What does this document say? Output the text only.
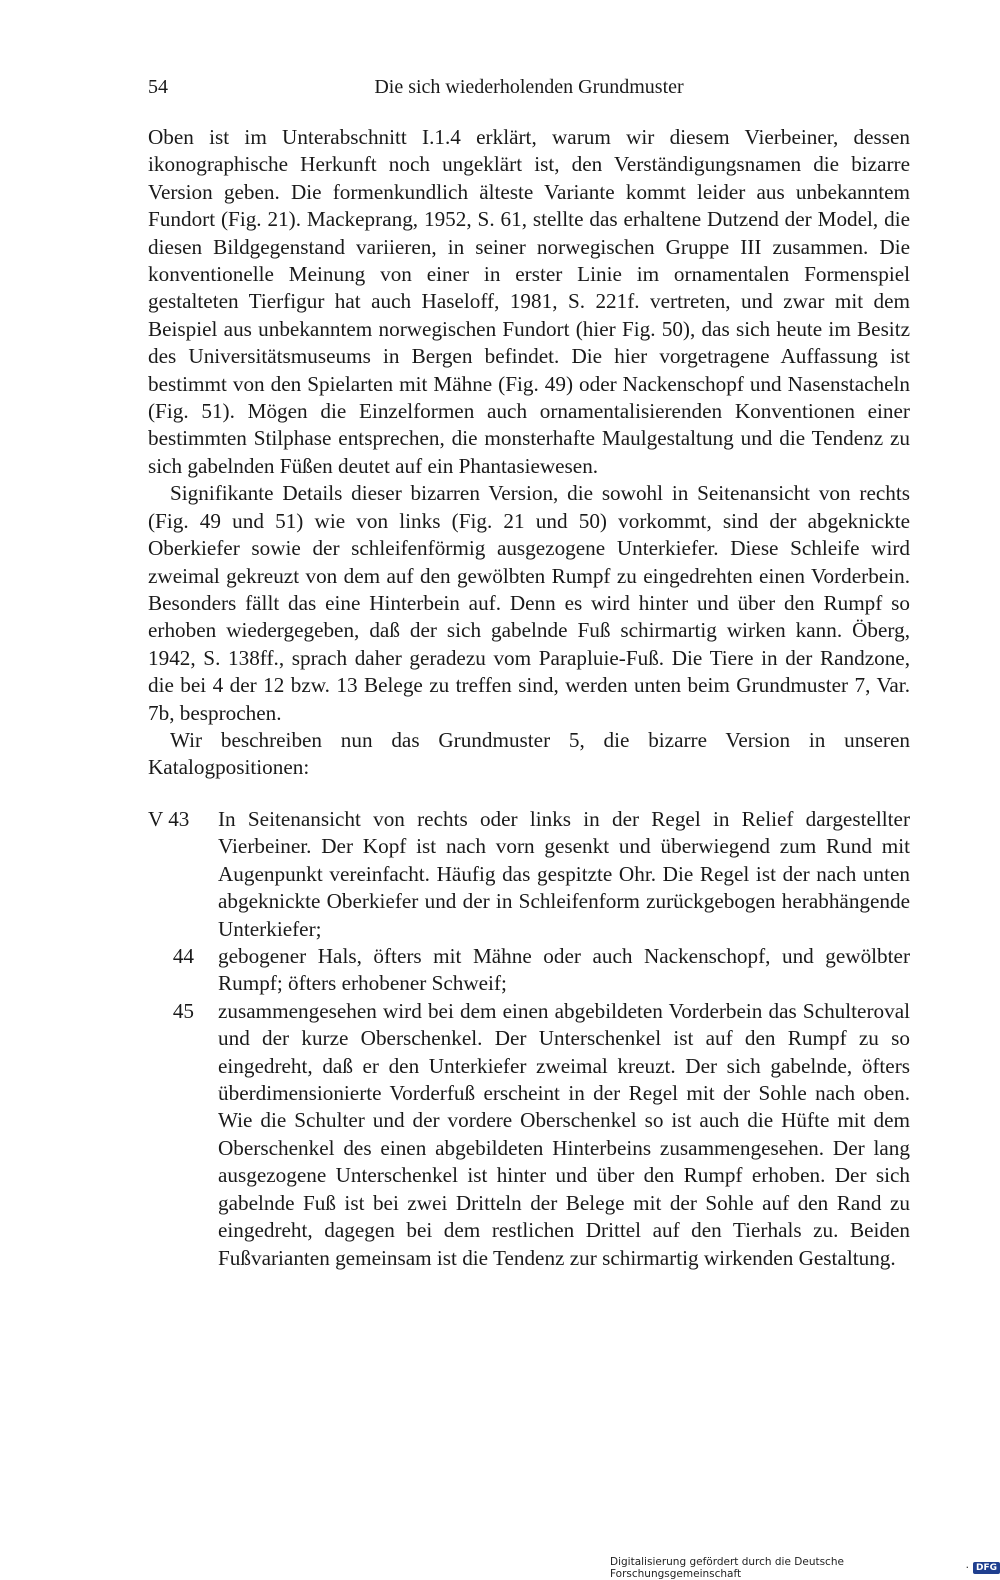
54	Die sich wiederholenden Grundmuster

Oben ist im Unterabschnitt I.1.4 erklärt, warum wir diesem Vierbeiner, dessen ikonographische Herkunft noch ungeklärt ist, den Verständigungsnamen die bizarre Version geben. Die formenkundlich älteste Variante kommt leider aus unbekanntem Fundort (Fig. 21). Mackeprang, 1952, S. 61, stellte das erhaltene Dutzend der Model, die diesen Bildgegenstand variieren, in seiner norwegischen Gruppe III zusammen. Die konventionelle Meinung von einer in erster Linie im ornamentalen Formenspiel gestalteten Tierfigur hat auch Haseloff, 1981, S. 221f. vertreten, und zwar mit dem Beispiel aus unbekanntem norwegischen Fundort (hier Fig. 50), das sich heute im Besitz des Universitätsmuseums in Bergen befindet. Die hier vorgetragene Auffassung ist bestimmt von den Spielarten mit Mähne (Fig. 49) oder Nackenschopf und Nasenstacheln (Fig. 51). Mögen die Einzelformen auch ornamentalisierenden Konventionen einer bestimmten Stilphase entsprechen, die monsterhafte Maulgestaltung und die Tendenz zu sich gabelnden Füßen deutet auf ein Phantasiewesen.

Signifikante Details dieser bizarren Version, die sowohl in Seitenansicht von rechts (Fig. 49 und 51) wie von links (Fig. 21 und 50) vorkommt, sind der abgeknickte Oberkiefer sowie der schleifenförmig ausgezogene Unterkiefer. Diese Schleife wird zweimal gekreuzt von dem auf den gewölbten Rumpf zu eingedrehten einen Vorderbein. Besonders fällt das eine Hinterbein auf. Denn es wird hinter und über den Rumpf so erhoben wiedergegeben, daß der sich gabelnde Fuß schirmartig wirken kann. Öberg, 1942, S. 138ff., sprach daher geradezu vom Parapluie-Fuß. Die Tiere in der Randzone, die bei 4 der 12 bzw. 13 Belege zu treffen sind, werden unten beim Grundmuster 7, Var. 7b, besprochen.

Wir beschreiben nun das Grundmuster 5, die bizarre Version in unseren Katalogpositionen:

V 43	In Seitenansicht von rechts oder links in der Regel in Relief dargestellter Vierbeiner. Der Kopf ist nach vorn gesenkt und überwiegend zum Rund mit Augenpunkt vereinfacht. Häufig das gespitzte Ohr. Die Regel ist der nach unten abgeknickte Oberkiefer und der in Schleifenform zurückgebogen herabhängende Unterkiefer;
44	gebogener Hals, öfters mit Mähne oder auch Nackenschopf, und gewölbter Rumpf; öfters erhobener Schweif;
45	zusammengesehen wird bei dem einen abgebildeten Vorderbein das Schulteroval und der kurze Oberschenkel. Der Unterschenkel ist auf den Rumpf zu so eingedreht, daß er den Unterkiefer zweimal kreuzt. Der sich gabelnde, öfters überdimensionierte Vorderfuß erscheint in der Regel mit der Sohle nach oben. Wie die Schulter und der vordere Oberschenkel so ist auch die Hüfte mit dem Oberschenkel des einen abgebildeten Hinterbeins zusammengesehen. Der lang ausgezogene Unterschenkel ist hinter und über den Rumpf erhoben. Der sich gabelnde Fuß ist bei zwei Dritteln der Belege mit der Sohle auf den Rand zu eingedreht, dagegen bei dem restlichen Drittel auf den Tierhals zu. Beiden Fußvarianten gemeinsam ist die Tendenz zur schirmartig wirkenden Gestaltung.
Digitalisierung gefördert durch die Deutsche Forschungsgemeinschaft	· DFG
